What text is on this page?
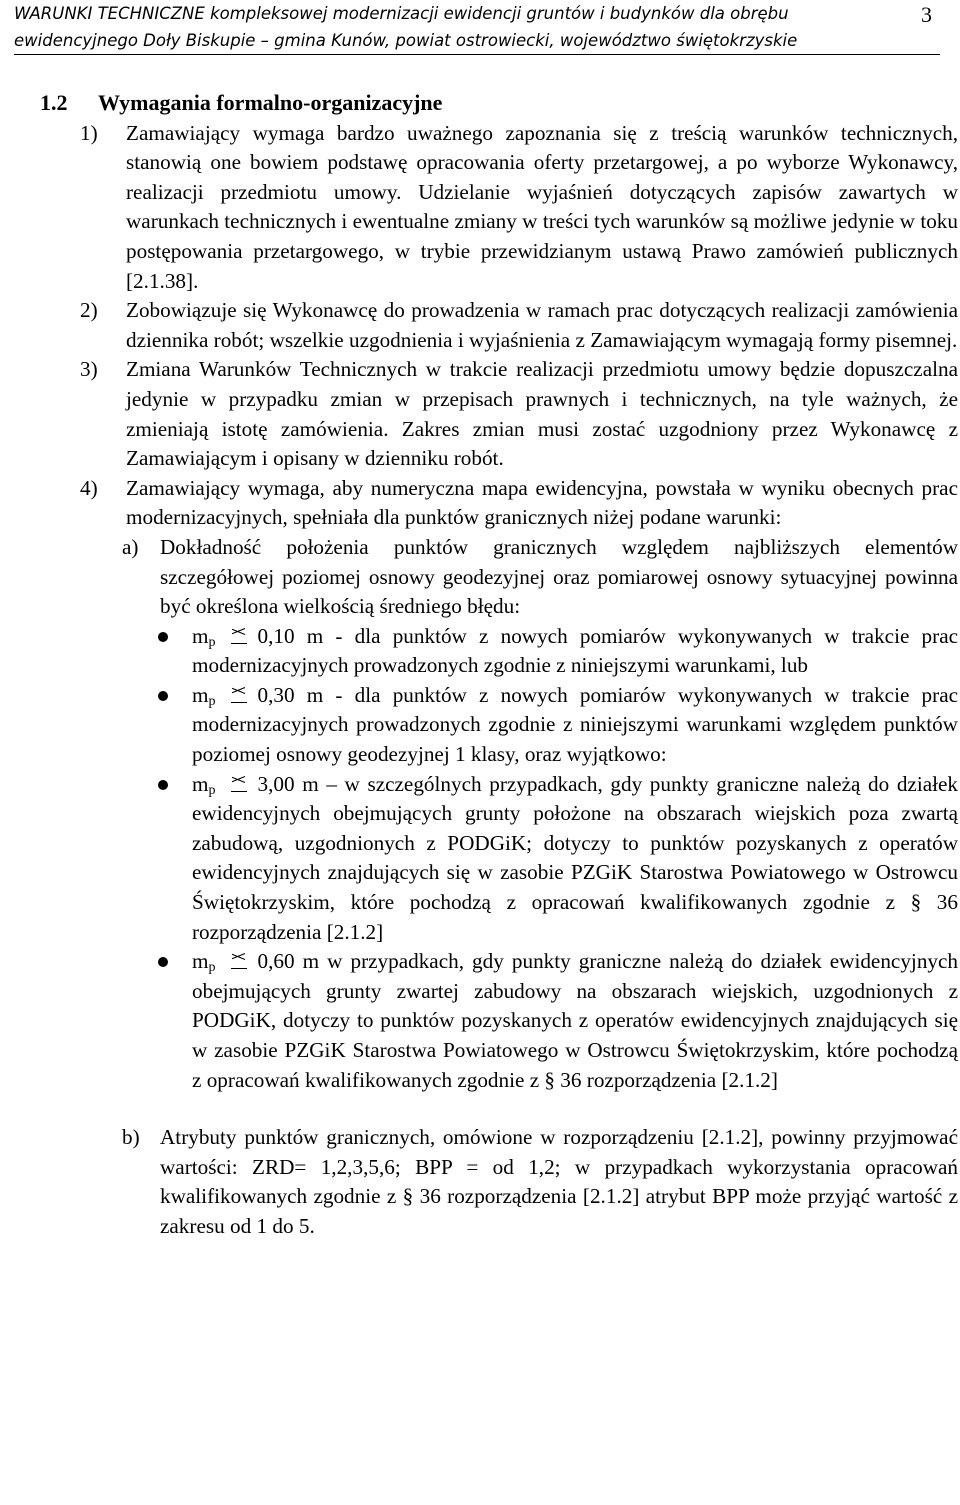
WARUNKI TECHNICZNE kompleksowej modernizacji ewidencji gruntów i budynków dla obrębu
ewidencyjnego Doły Biskupie – gmina Kunów, powiat ostrowiecki, województwo świętokrzyskie
3
1.2	Wymagania formalno-organizacyjne
1) Zamawiający wymaga bardzo uważnego zapoznania się z treścią warunków technicznych, stanowią one bowiem podstawę opracowania oferty przetargowej, a po wyborze Wykonawcy, realizacji przedmiotu umowy. Udzielanie wyjaśnień dotyczących zapisów zawartych w warunkach technicznych i ewentualne zmiany w treści tych warunków są możliwe jedynie w toku postępowania przetargowego, w trybie przewidzianym ustawą Prawo zamówień publicznych [2.1.38].
2) Zobowiązuje się Wykonawcę do prowadzenia w ramach prac dotyczących realizacji zamówienia dziennika robót; wszelkie uzgodnienia i wyjaśnienia z Zamawiającym wymagają formy pisemnej.
3) Zmiana Warunków Technicznych w trakcie realizacji przedmiotu umowy będzie dopuszczalna jedynie w przypadku zmian w przepisach prawnych i technicznych, na tyle ważnych, że zmieniają istotę zamówienia. Zakres zmian musi zostać uzgodniony przez Wykonawcę z Zamawiającym i opisany w dzienniku robót.
4) Zamawiający wymaga, aby numeryczna mapa ewidencyjna, powstała w wyniku obecnych prac modernizacyjnych, spełniała dla punktów granicznych niżej podane warunki:
a) Dokładność położenia punktów granicznych względem najbliższych elementów szczegółowej poziomej osnowy geodezyjnej oraz pomiarowej osnowy sytuacyjnej powinna być określona wielkością średniego błędu:
$m_p$ 0,10 m - dla punktów z nowych pomiarów wykonywanych w trakcie prac modernizacyjnych prowadzonych zgodnie z niniejszymi warunkami, lub
$m_p$ 0,30 m - dla punktów z nowych pomiarów wykonywanych w trakcie prac modernizacyjnych prowadzonych zgodnie z niniejszymi warunkami względem punktów poziomej osnowy geodezyjnej 1 klasy, oraz wyjątkowo:
$m_p$ 3,00 m – w szczególnych przypadkach, gdy punkty graniczne należą do działek ewidencyjnych obejmujących grunty położone na obszarach wiejskich poza zwartą zabudową, uzgodnionych z PODGiK; dotyczy to punktów pozyskanych z operatów ewidencyjnych znajdujących się w zasobie PZGiK Starostwa Powiatowego w Ostrowcu Świętokrzyskim, które pochodzą z opracowań kwalifikowanych zgodnie z § 36 rozporządzenia [2.1.2]
$m_p$ 0,60 m w przypadkach, gdy punkty graniczne należą do działek ewidencyjnych obejmujących grunty zwartej zabudowy na obszarach wiejskich, uzgodnionych z PODGiK, dotyczy to punktów pozyskanych z operatów ewidencyjnych znajdujących się w zasobie PZGiK Starostwa Powiatowego w Ostrowcu Świętokrzyskim, które pochodzą z opracowań kwalifikowanych zgodnie z § 36 rozporządzenia [2.1.2]
b) Atrybuty punktów granicznych, omówione w rozporządzeniu [2.1.2], powinny przyjmować wartości: ZRD= 1,2,3,5,6; BPP = od 1,2; w przypadkach wykorzystania opracowań kwalifikowanych zgodnie z § 36 rozporządzenia [2.1.2] atrybut BPP może przyjąć wartość z zakresu od 1 do 5.
